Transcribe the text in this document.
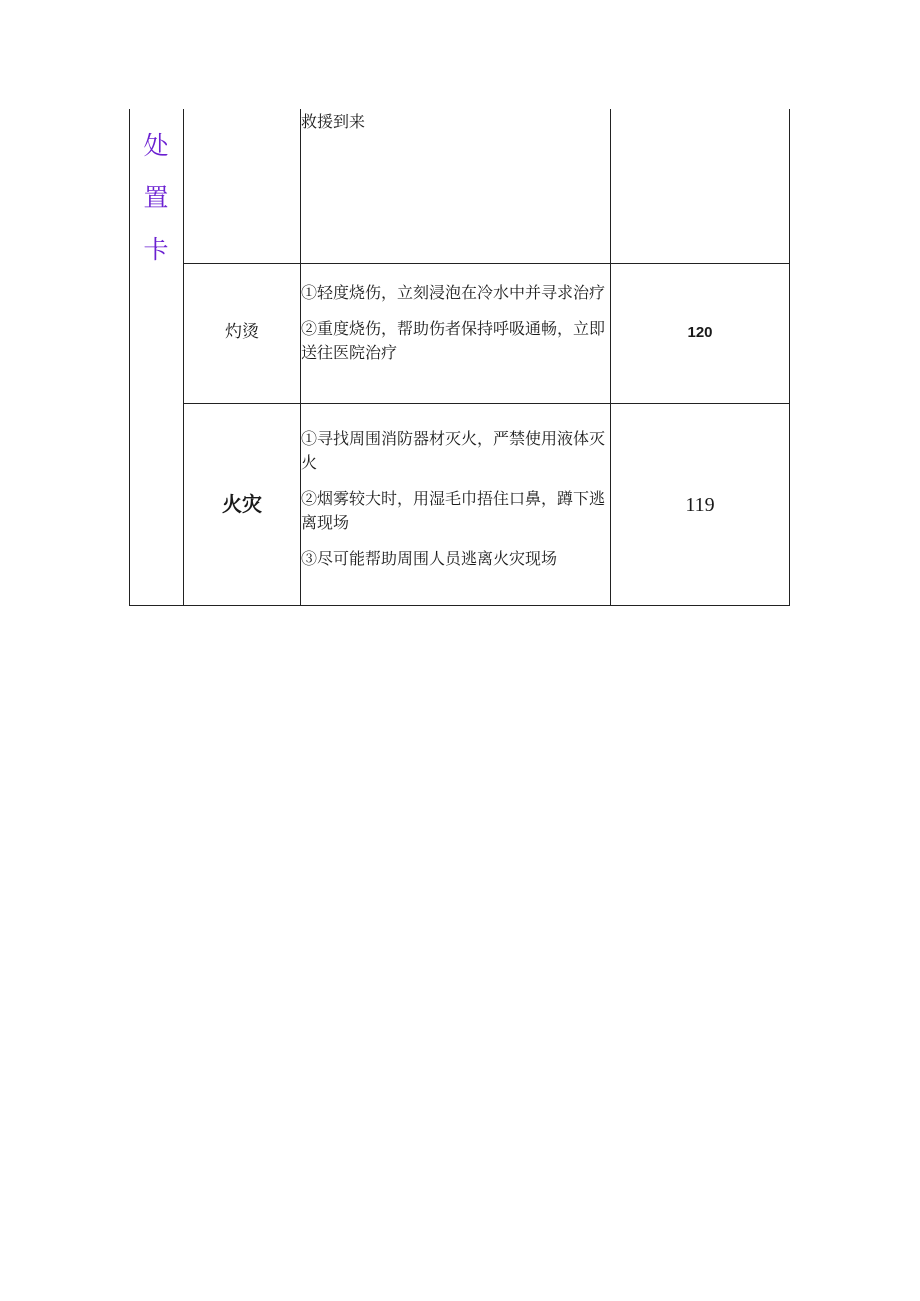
处
置
卡

救援到来

灼烫

①轻度烧伤，立刻浸泡在冷水中并寻求治疗

②重度烧伤，帮助伤者保持呼吸通畅，立即送往医院治疗

120
火灾

①寻找周围消防器材灭火，严禁使用液体灭火

②烟雾较大时，用湿毛巾捂住口鼻，蹲下逃离现场

③尽可能帮助周围人员逃离火灾现场

119
